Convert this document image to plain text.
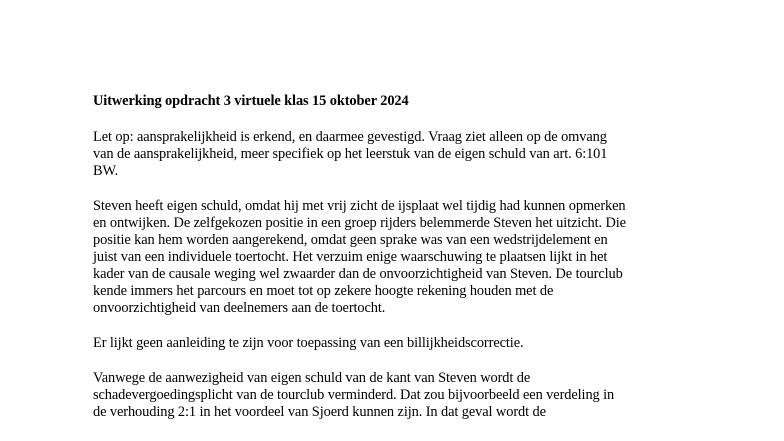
Uitwerking opdracht 3 virtuele klas 15 oktober 2024
Let op: aansprakelijkheid is erkend, en daarmee gevestigd. Vraag ziet alleen op de omvang
van de aansprakelijkheid, meer specifiek op het leerstuk van de eigen schuld van art. 6:101
BW.
Steven heeft eigen schuld, omdat hij met vrij zicht de ijsplaat wel tijdig had kunnen opmerken
en ontwijken. De zelfgekozen positie in een groep rijders belemmerde Steven het uitzicht. Die
positie kan hem worden aangerekend, omdat geen sprake was van een wedstrijdelement en
juist van een individuele toertocht. Het verzuim enige waarschuwing te plaatsen lijkt in het
kader van de causale weging wel zwaarder dan de onvoorzichtigheid van Steven. De tourclub
kende immers het parcours en moet tot op zekere hoogte rekening houden met de
onvoorzichtigheid van deelnemers aan de toertocht.
Er lijkt geen aanleiding te zijn voor toepassing van een billijkheidscorrectie.
Vanwege de aanwezigheid van eigen schuld van de kant van Steven wordt de
schadevergoedingsplicht van de tourclub verminderd. Dat zou bijvoorbeeld een verdeling in
de verhouding 2:1 in het voordeel van Sjoerd kunnen zijn. In dat geval wordt de
